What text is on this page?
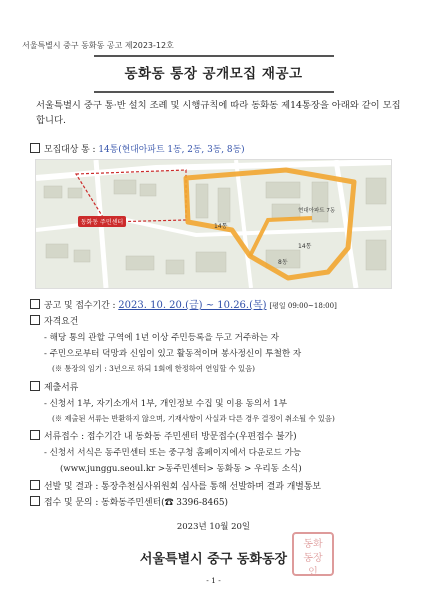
서울특별시 중구 동화동 공고 제2023-12호
동화동 통장 공개모집 재공고
서울특별시 중구 통·반 설치 조례 및 시행규칙에 따라 동화동 제14통장을 아래와 같이 모집합니다.
모집대상 통 : 14통(현대아파트 1동, 2동, 3동, 8동)
동화동 주민센터
14통
현대아파트 7동
14통
8동
공고 및 접수기간 : 2023. 10. 20.(금) ~ 10.26.(목) [평일 09:00~18:00]
자격요건
- 해당 통의 관할 구역에 1년 이상 주민등록을 두고 거주하는 자
- 주민으로부터 덕망과 신임이 있고 활동적이며 봉사정신이 투철한 자
(※ 통장의 임기 : 3년으로 하되 1회에 한정하여 연임할 수 있음)
제출서류
- 신청서 1부, 자기소개서 1부, 개인정보 수집 및 이용 동의서 1부
(※ 제출된 서류는 반환하지 않으며, 기재사항이 사실과 다른 경우 결정이 취소될 수 있음)
서류접수 : 접수기간 내 동화동 주민센터 방문접수(우편접수 불가)
- 신청서 서식은 동주민센터 또는 중구청 홈페이지에서 다운로드 가능
(www.junggu.seoul.kr >동주민센터> 동화동 > 우리동 소식)
선발 및 결과 : 통장추천심사위원회 심사를 통해 선발하며 결과 개별통보
접수 및 문의 : 동화동주민센터(☎ 3396-8465)
2023년 10월 20일
서울특별시 중구 동화동장
동화
동장
인
- 1 -
